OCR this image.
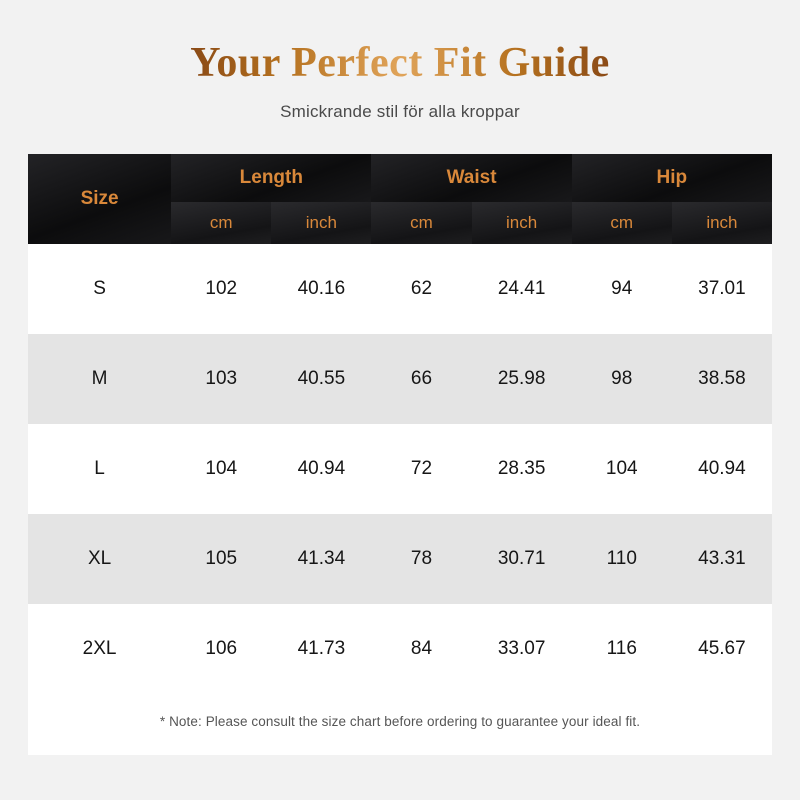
Your Perfect Fit Guide
Smickrande stil för alla kroppar
Size	Length		Waist		Hip	
	cm	inch	cm	inch	cm	inch
S	102	40.16	62	24.41	94	37.01
M	103	40.55	66	25.98	98	38.58
L	104	40.94	72	28.35	104	40.94
XL	105	41.34	78	30.71	110	43.31
2XL	106	41.73	84	33.07	116	45.67
* Note: Please consult the size chart before ordering to guarantee your ideal fit.
